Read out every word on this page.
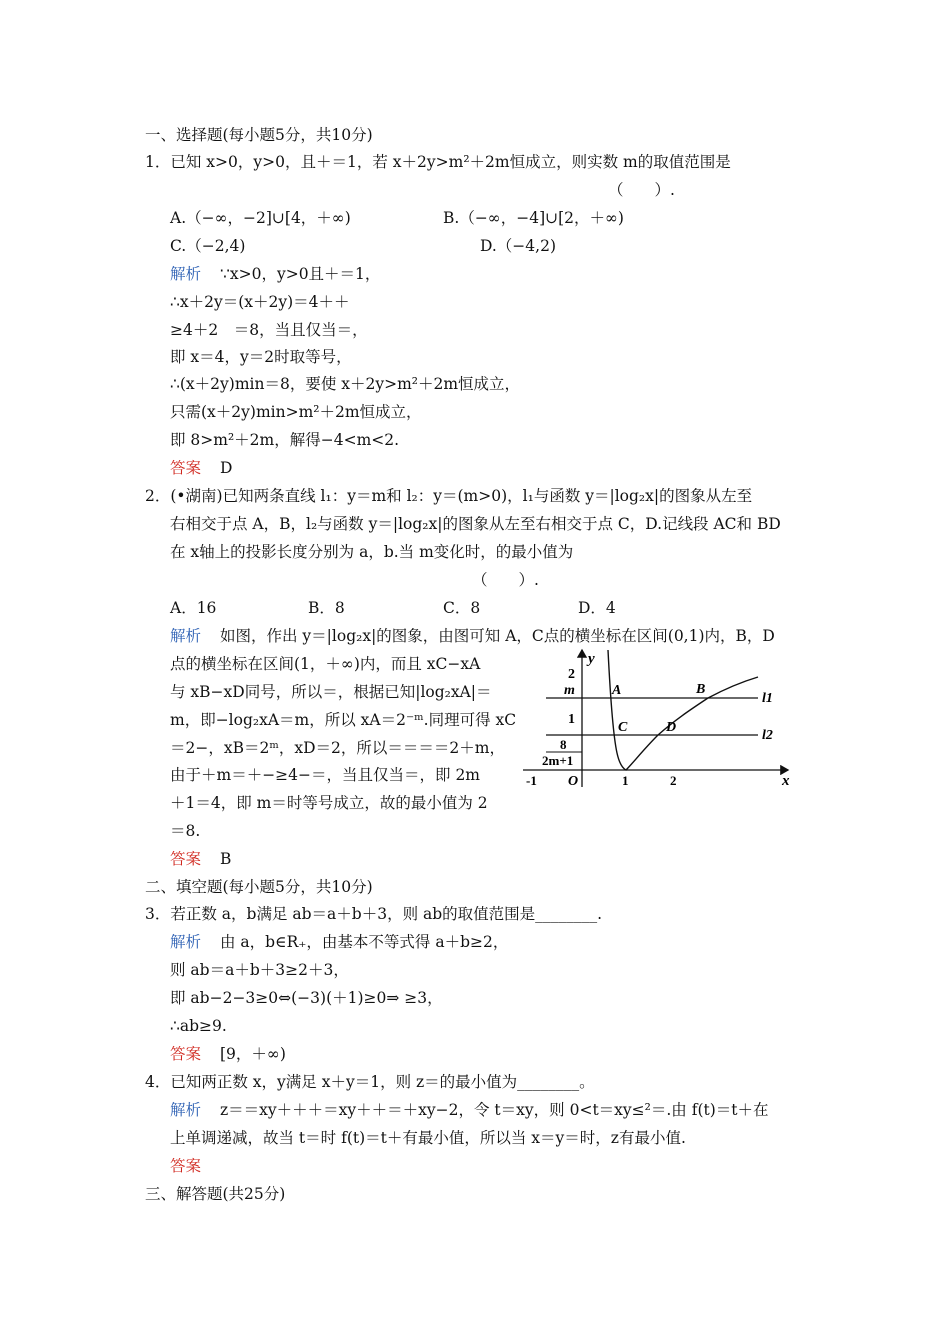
一、选择题(每小题5分，共10分)
1．已知 x>0，y>0，且＋＝1，若 x＋2y>m²＋2m恒成立，则实数 m的取值范围是
（　　）.
A.（−∞，−2]∪[4，＋∞)	B.（−∞，−4]∪[2，＋∞)
C.（−2,4)	D.（−4,2)
解析 ∵x>0，y>0且＋＝1，
∴x＋2y＝(x＋2y)＝4＋＋
≥4＋2　＝8，当且仅当＝，
即 x＝4，y＝2时取等号，
∴(x＋2y)min＝8，要使 x＋2y>m²＋2m恒成立，
只需(x＋2y)min>m²＋2m恒成立，
即 8>m²＋2m，解得−4<m<2.
答案 D
2．(•湖南)已知两条直线 l₁：y＝m和 l₂：y＝(m>0)，l₁与函数 y＝|log₂x|的图象从左至
右相交于点 A，B，l₂与函数 y＝|log₂x|的图象从左至右相交于点 C，D.记线段 AC和 BD
在 x轴上的投影长度分别为 a，b.当 m变化时，的最小值为
（　　）.
A．16	B．8	C．8	D．4
解析 如图，作出 y＝|log₂x|的图象，由图可知 A，C点的横坐标在区间(0,1)内，B，D
点的横坐标在区间(1，＋∞)内，而且 xC−xA
与 xB−xD同号，所以＝，根据已知|log₂xA|＝
m，即−log₂xA＝m，所以 xA＝2⁻ᵐ.同理可得 xC
＝2−，xB＝2ᵐ，xD＝2，所以＝＝＝＝2＋m，
由于＋m＝＋−≥4−＝，当且仅当＝，即 2m
＋1＝4，即 m＝时等号成立，故的最小值为 2
＝8.
答案 B
y
2
m	A	B
l1
1
C	D
l2
8
2m+1
-1 O	1	2	x
二、填空题(每小题5分，共10分)
3．若正数 a，b满足 ab＝a＋b＋3，则 ab的取值范围是________.
解析 由 a，b∈R₊，由基本不等式得 a＋b≥2，
则 ab＝a＋b＋3≥2＋3，
即 ab−2−3≥0⇔(−3)(＋1)≥0⇒ ≥3，
∴ab≥9.
答案 [9，＋∞)
4．已知两正数 x，y满足 x＋y＝1，则 z＝的最小值为________。
解析 z＝＝xy＋＋＋＝xy＋＋＝＋xy−2，令 t＝xy，则 0<t＝xy≤²＝.由 f(t)＝t＋在
上单调递减，故当 t＝时 f(t)＝t＋有最小值，所以当 x＝y＝时，z有最小值.
答案
三、解答题(共25分)
